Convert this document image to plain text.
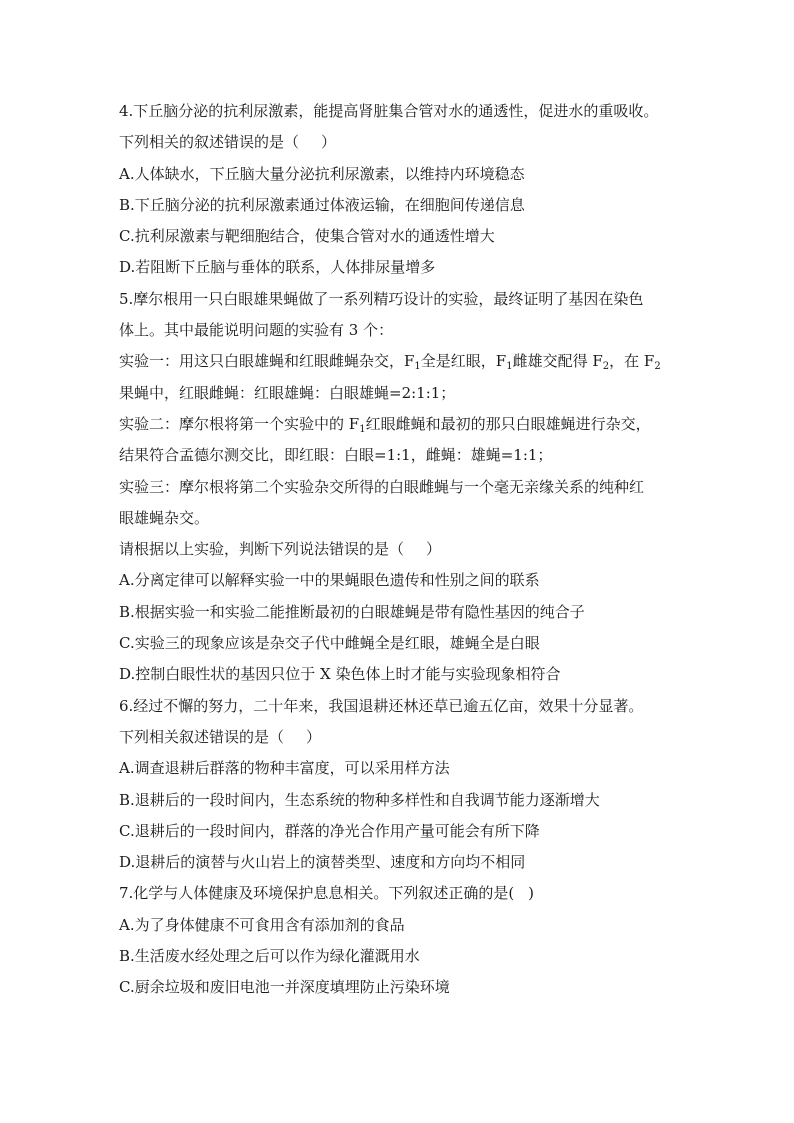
4.下丘脑分泌的抗利尿激素，能提高肾脏集合管对水的通透性，促进水的重吸收。
下列相关的叙述错误的是（ ）
A.人体缺水，下丘脑大量分泌抗利尿激素，以维持内环境稳态
B.下丘脑分泌的抗利尿激素通过体液运输，在细胞间传递信息
C.抗利尿激素与靶细胞结合，使集合管对水的通透性增大
D.若阻断下丘脑与垂体的联系，人体排尿量增多
5.摩尔根用一只白眼雄果蝇做了一系列精巧设计的实验，最终证明了基因在染色
体上。其中最能说明问题的实验有 3 个：
实验一：用这只白眼雄蝇和红眼雌蝇杂交，$F_1$全是红眼，$F_1$雌雄交配得 $F_2$，在 $F_2$
果蝇中，红眼雌蝇：红眼雄蝇：白眼雄蝇=2:1:1；
实验二：摩尔根将第一个实验中的 $F_1$红眼雌蝇和最初的那只白眼雄蝇进行杂交，
结果符合孟德尔测交比，即红眼：白眼=1:1，雌蝇：雄蝇=1:1；
实验三：摩尔根将第二个实验杂交所得的白眼雌蝇与一个毫无亲缘关系的纯种红
眼雄蝇杂交。
请根据以上实验，判断下列说法错误的是（ ）
A.分离定律可以解释实验一中的果蝇眼色遗传和性别之间的联系
B.根据实验一和实验二能推断最初的白眼雄蝇是带有隐性基因的纯合子
C.实验三的现象应该是杂交子代中雌蝇全是红眼，雄蝇全是白眼
D.控制白眼性状的基因只位于 X 染色体上时才能与实验现象相符合
6.经过不懈的努力，二十年来，我国退耕还林还草已逾五亿亩，效果十分显著。
下列相关叙述错误的是（ ）
A.调查退耕后群落的物种丰富度，可以采用样方法
B.退耕后的一段时间内，生态系统的物种多样性和自我调节能力逐渐增大
C.退耕后的一段时间内，群落的净光合作用产量可能会有所下降
D.退耕后的演替与火山岩上的演替类型、速度和方向均不相同
7.化学与人体健康及环境保护息息相关。下列叙述正确的是( )
A.为了身体健康不可食用含有添加剂的食品
B.生活废水经处理之后可以作为绿化灌溉用水
C.厨余垃圾和废旧电池一并深度填埋防止污染环境
